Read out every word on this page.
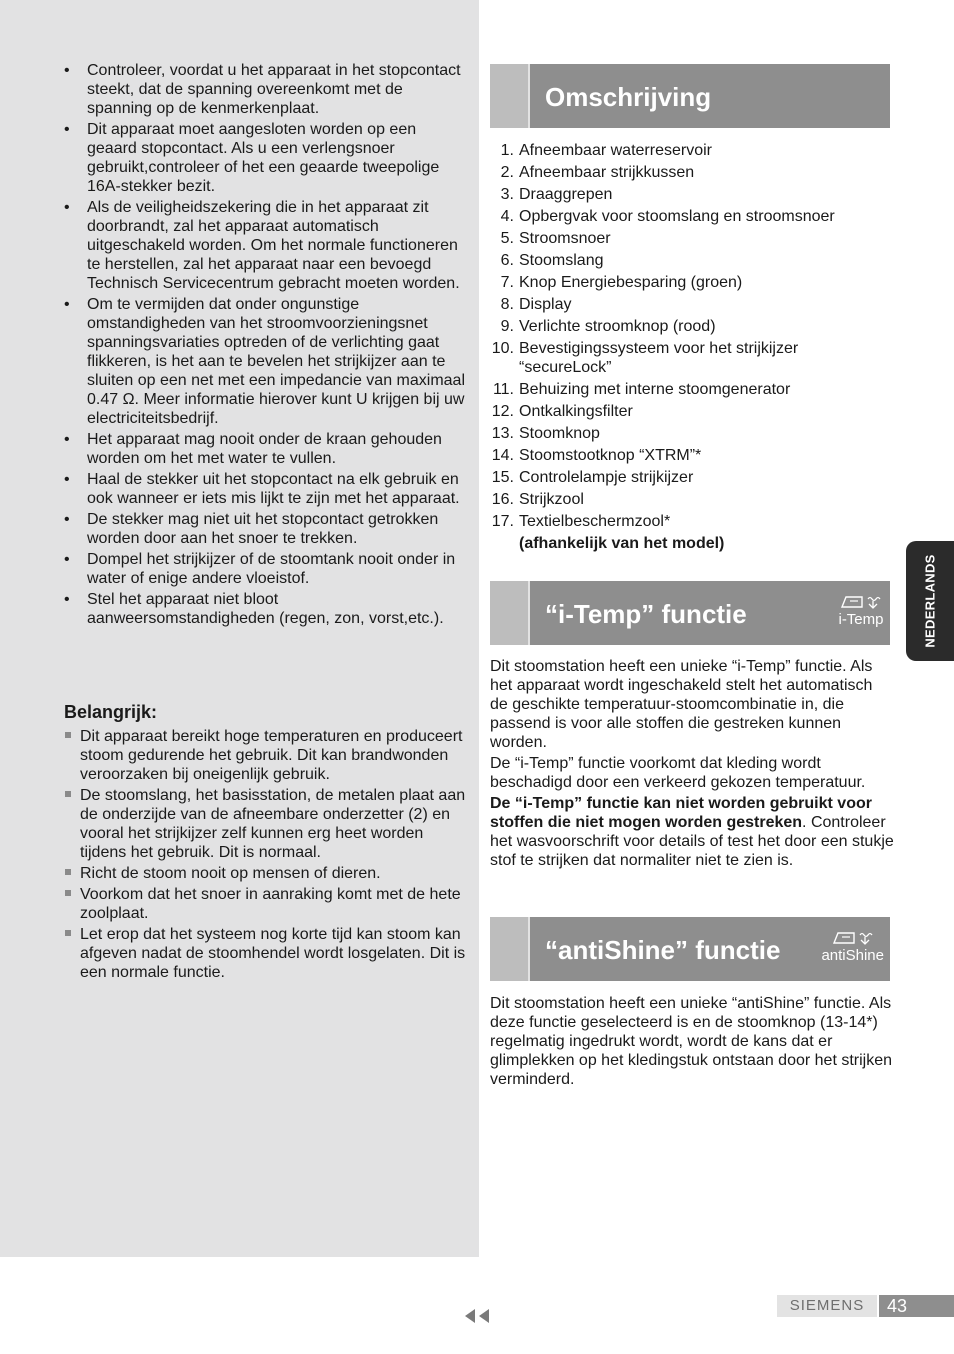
• Controleer, voordat u het apparaat in het stopcontact steekt, dat de spanning overeenkomt met de spanning op de kenmerkenplaat.
• Dit apparaat moet aangesloten worden op een geaard stopcontact. Als u een verlengsnoer gebruikt,controleer of het een geaarde tweepolige 16A-stekker bezit.
• Als de veiligheidszekering die in het apparaat zit doorbrandt, zal het apparaat automatisch uitgeschakeld worden. Om het normale functioneren te herstellen, zal het apparaat naar een bevoegd Technisch Servicecentrum gebracht moeten worden.
• Om te vermijden dat onder ongunstige omstandigheden van het stroomvoorzieningsnet spanningsvariaties optreden of de verlichting gaat flikkeren, is het aan te bevelen het strijkijzer aan te sluiten op een net met een impedancie van maximaal 0.47 Ω. Meer informatie hierover kunt U krijgen bij uw electriciteitsbedrijf.
• Het apparaat mag nooit onder de kraan gehouden worden om het met water te vullen.
• Haal de stekker uit het stopcontact na elk gebruik en ook wanneer er iets mis lijkt te zijn met het apparaat.
• De stekker mag niet uit het stopcontact getrokken worden door aan het snoer te trekken.
• Dompel het strijkijzer of de stoomtank nooit onder in water of enige andere vloeistof.
• Stel het apparaat niet bloot aanweersomstandigheden (regen, zon, vorst,etc.).
Belangrijk:
Dit apparaat bereikt hoge temperaturen en produceert stoom gedurende het gebruik. Dit kan brandwonden veroorzaken bij oneigenlijk gebruik.
De stoomslang, het basisstation, de metalen plaat aan de onderzijde van de afneembare onderzetter (2) en vooral het strijkijzer zelf kunnen erg heet worden tijdens het gebruik. Dit is normaal.
Richt de stoom nooit op mensen of dieren.
Voorkom dat het snoer in aanraking komt met de hete zoolplaat.
Let erop dat het systeem nog korte tijd kan stoom kan afgeven nadat de stoomhendel wordt losgelaten. Dit is een normale functie.
Omschrijving
1. Afneembaar waterreservoir
2. Afneembaar strijkkussen
3. Draaggrepen
4. Opbergvak voor stoomslang en stroomsnoer
5. Stroomsnoer
6. Stoomslang
7. Knop Energiebesparing (groen)
8. Display
9. Verlichte stroomknop (rood)
10. Bevestigingssysteem voor het strijkijzer “secureLock”
11. Behuizing met interne stoomgenerator
12. Ontkalkingsfilter
13. Stoomknop
14. Stoomstootknop “XTRM”*
15. Controlelampje strijkijzer
16. Strijkzool
17. Textielbeschermzool*
(afhankelijk van het model)
“i-Temp” functie	i-Temp

Dit stoomstation heeft een unieke “i-Temp” functie. Als het apparaat wordt ingeschakeld stelt het automatisch de geschikte temperatuur-stoomcombinatie in, die passend is voor alle stoffen die gestreken kunnen worden.

De “i-Temp” functie voorkomt dat kleding wordt beschadigd door een verkeerd gekozen temperatuur.

De “i-Temp” functie kan niet worden gebruikt voor stoffen die niet mogen worden gestreken. Controleer het wasvoorschrift voor details of test het door een stukje stof te strijken dat normaliter niet te zien is.

“antiShine” functie	antiShine

Dit stoomstation heeft een unieke “antiShine” functie. Als deze functie geselecteerd is en de stoomknop (13-14*) regelmatig ingedrukt wordt, wordt de kans dat er glimplekken op het kledingstuk ontstaan door het strijken verminderd.

NEDERLANDS
SIEMENS	43
